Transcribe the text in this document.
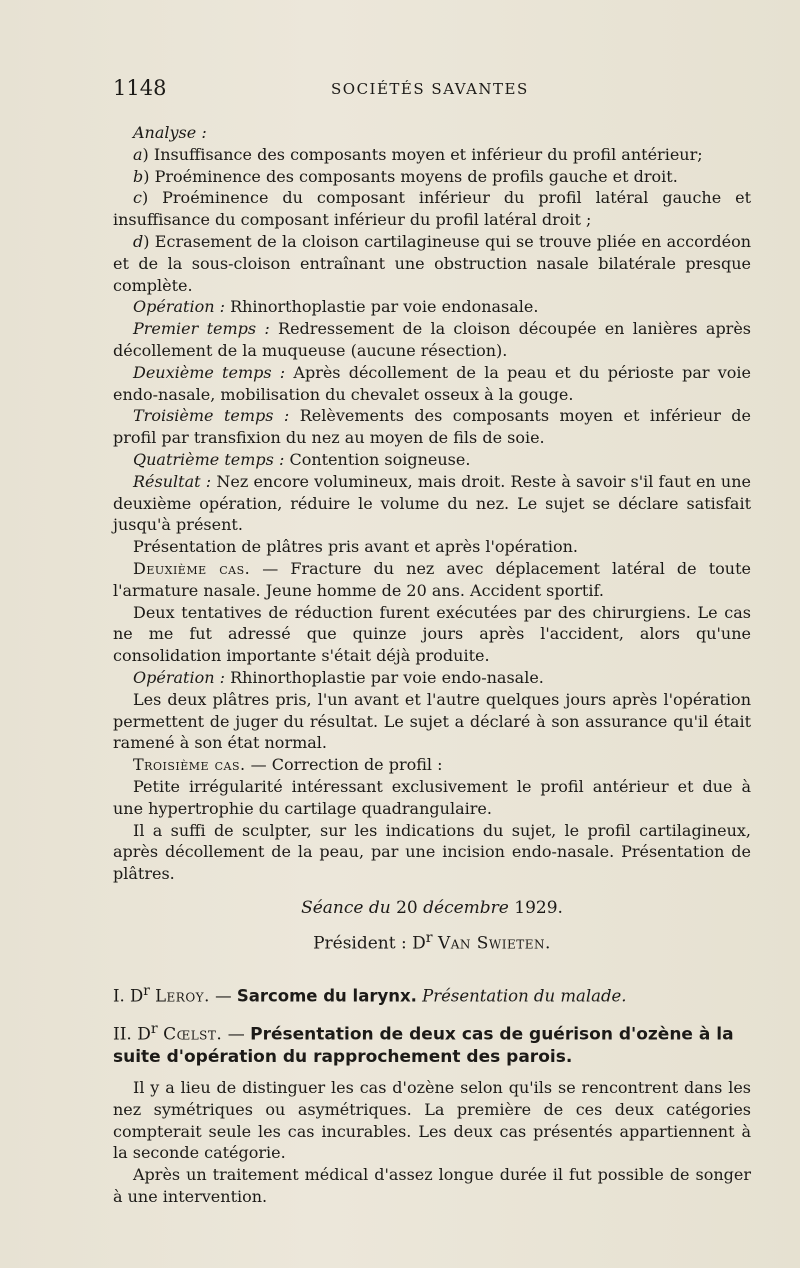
1148	SOCIÉTÉS SAVANTES

Analyse :

a) Insuffisance des composants moyen et inférieur du profil antérieur;

b) Proéminence des composants moyens de profils gauche et droit.

c) Proéminence du composant inférieur du profil latéral gauche et insuffisance du composant inférieur du profil latéral droit ;

d) Ecrasement de la cloison cartilagineuse qui se trouve pliée en accordéon et de la sous-cloison entraînant une obstruction nasale bilatérale presque complète.

Opération : Rhinorthoplastie par voie endonasale.

Premier temps : Redressement de la cloison découpée en lanières après décollement de la muqueuse (aucune résection).

Deuxième temps : Après décollement de la peau et du périoste par voie endo-nasale, mobilisation du chevalet osseux à la gouge.

Troisième temps : Relèvements des composants moyen et inférieur de profil par transfixion du nez au moyen de fils de soie.

Quatrième temps : Contention soigneuse.

Résultat : Nez encore volumineux, mais droit. Reste à savoir s'il faut en une deuxième opération, réduire le volume du nez. Le sujet se déclare satisfait jusqu'à présent.

Présentation de plâtres pris avant et après l'opération.

Deuxième cas. — Fracture du nez avec déplacement latéral de toute l'armature nasale. Jeune homme de 20 ans. Accident sportif.

Deux tentatives de réduction furent exécutées par des chirurgiens. Le cas ne me fut adressé que quinze jours après l'accident, alors qu'une consolidation importante s'était déjà produite.

Opération : Rhinorthoplastie par voie endo-nasale.

Les deux plâtres pris, l'un avant et l'autre quelques jours après l'opération permettent de juger du résultat. Le sujet a déclaré à son assurance qu'il était ramené à son état normal.

Troisième cas. — Correction de profil :

Petite irrégularité intéressant exclusivement le profil antérieur et due à une hypertrophie du cartilage quadrangulaire.

Il a suffi de sculpter, sur les indications du sujet, le profil cartilagineux, après décollement de la peau, par une incision endo-nasale. Présentation de plâtres.

Séance du 20 décembre 1929.
Président : $D^r$ Van Swieten.
I. $D^r$ Leroy. — Sarcome du larynx. Présentation du malade.
II. $D^r$ Cœlst. — Présentation de deux cas de guérison d'ozène à la suite d'opération du rapprochement des parois.

Il y a lieu de distinguer les cas d'ozène selon qu'ils se rencontrent dans les nez symétriques ou asymétriques. La première de ces deux catégories compterait seule les cas incurables. Les deux cas présentés appartiennent à la seconde catégorie.

Après un traitement médical d'assez longue durée il fut possible de songer à une intervention.
